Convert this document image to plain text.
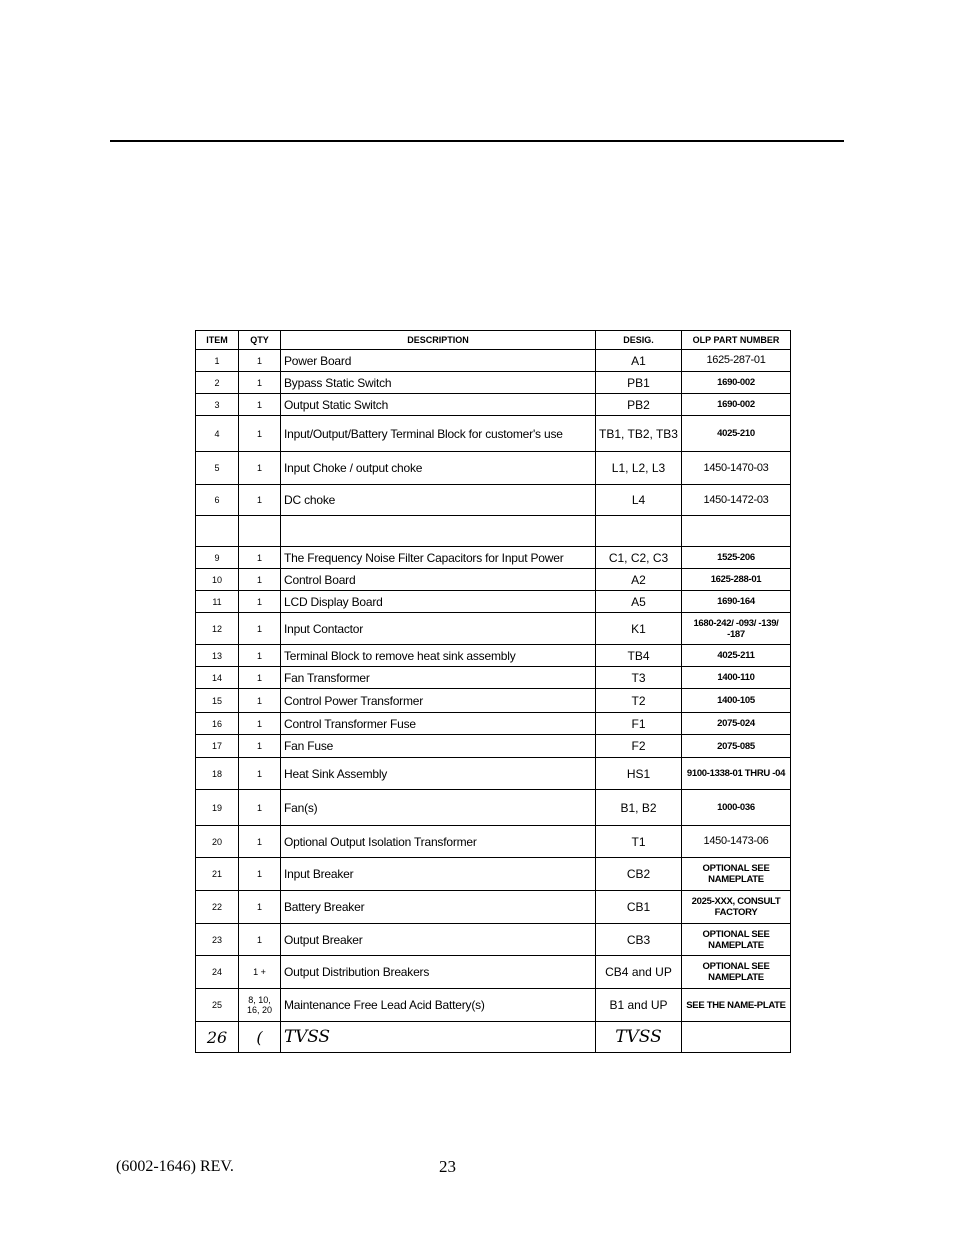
ITEM	QTY	DESCRIPTION	DESIG.	OLP PART NUMBER
1	1	Power Board	A1	1625-287-01
2	1	Bypass Static Switch	PB1	1690-002
3	1	Output Static Switch	PB2	1690-002
4	1	Input/Output/Battery Terminal Block for customer's use	TB1, TB2, TB3	4025-210
5	1	Input Choke / output choke	L1, L2, L3	1450-1470-03
6	1	DC choke	L4	1450-1472-03

9	1	The Frequency Noise Filter Capacitors for Input Power	C1, C2, C3	1525-206
10	1	Control Board	A2	1625-288-01
11	1	LCD Display Board	A5	1690-164
12	1	Input Contactor	K1	1680-242/ -093/ -139/ -187
13	1	Terminal Block to remove heat sink assembly	TB4	4025-211
14	1	Fan Transformer	T3	1400-110
15	1	Control Power Transformer	T2	1400-105
16	1	Control Transformer Fuse	F1	2075-024
17	1	Fan Fuse	F2	2075-085
18	1	Heat Sink Assembly	HS1	9100-1338-01 THRU -04
19	1	Fan(s)	B1, B2	1000-036
20	1	Optional Output Isolation Transformer	T1	1450-1473-06
21	1	Input Breaker	CB2	OPTIONAL SEE NAMEPLATE
22	1	Battery Breaker	CB1	2025-XXX, CONSULT FACTORY
23	1	Output Breaker	CB3	OPTIONAL SEE NAMEPLATE
24	1 +	Output Distribution Breakers	CB4 and UP	OPTIONAL SEE NAMEPLATE
25	8, 10, 16, 20	Maintenance Free Lead Acid Battery(s)	B1 and UP	SEE THE NAME-PLATE
26	(	TVSS	TVSS	
(6002-1646) REV.	23
